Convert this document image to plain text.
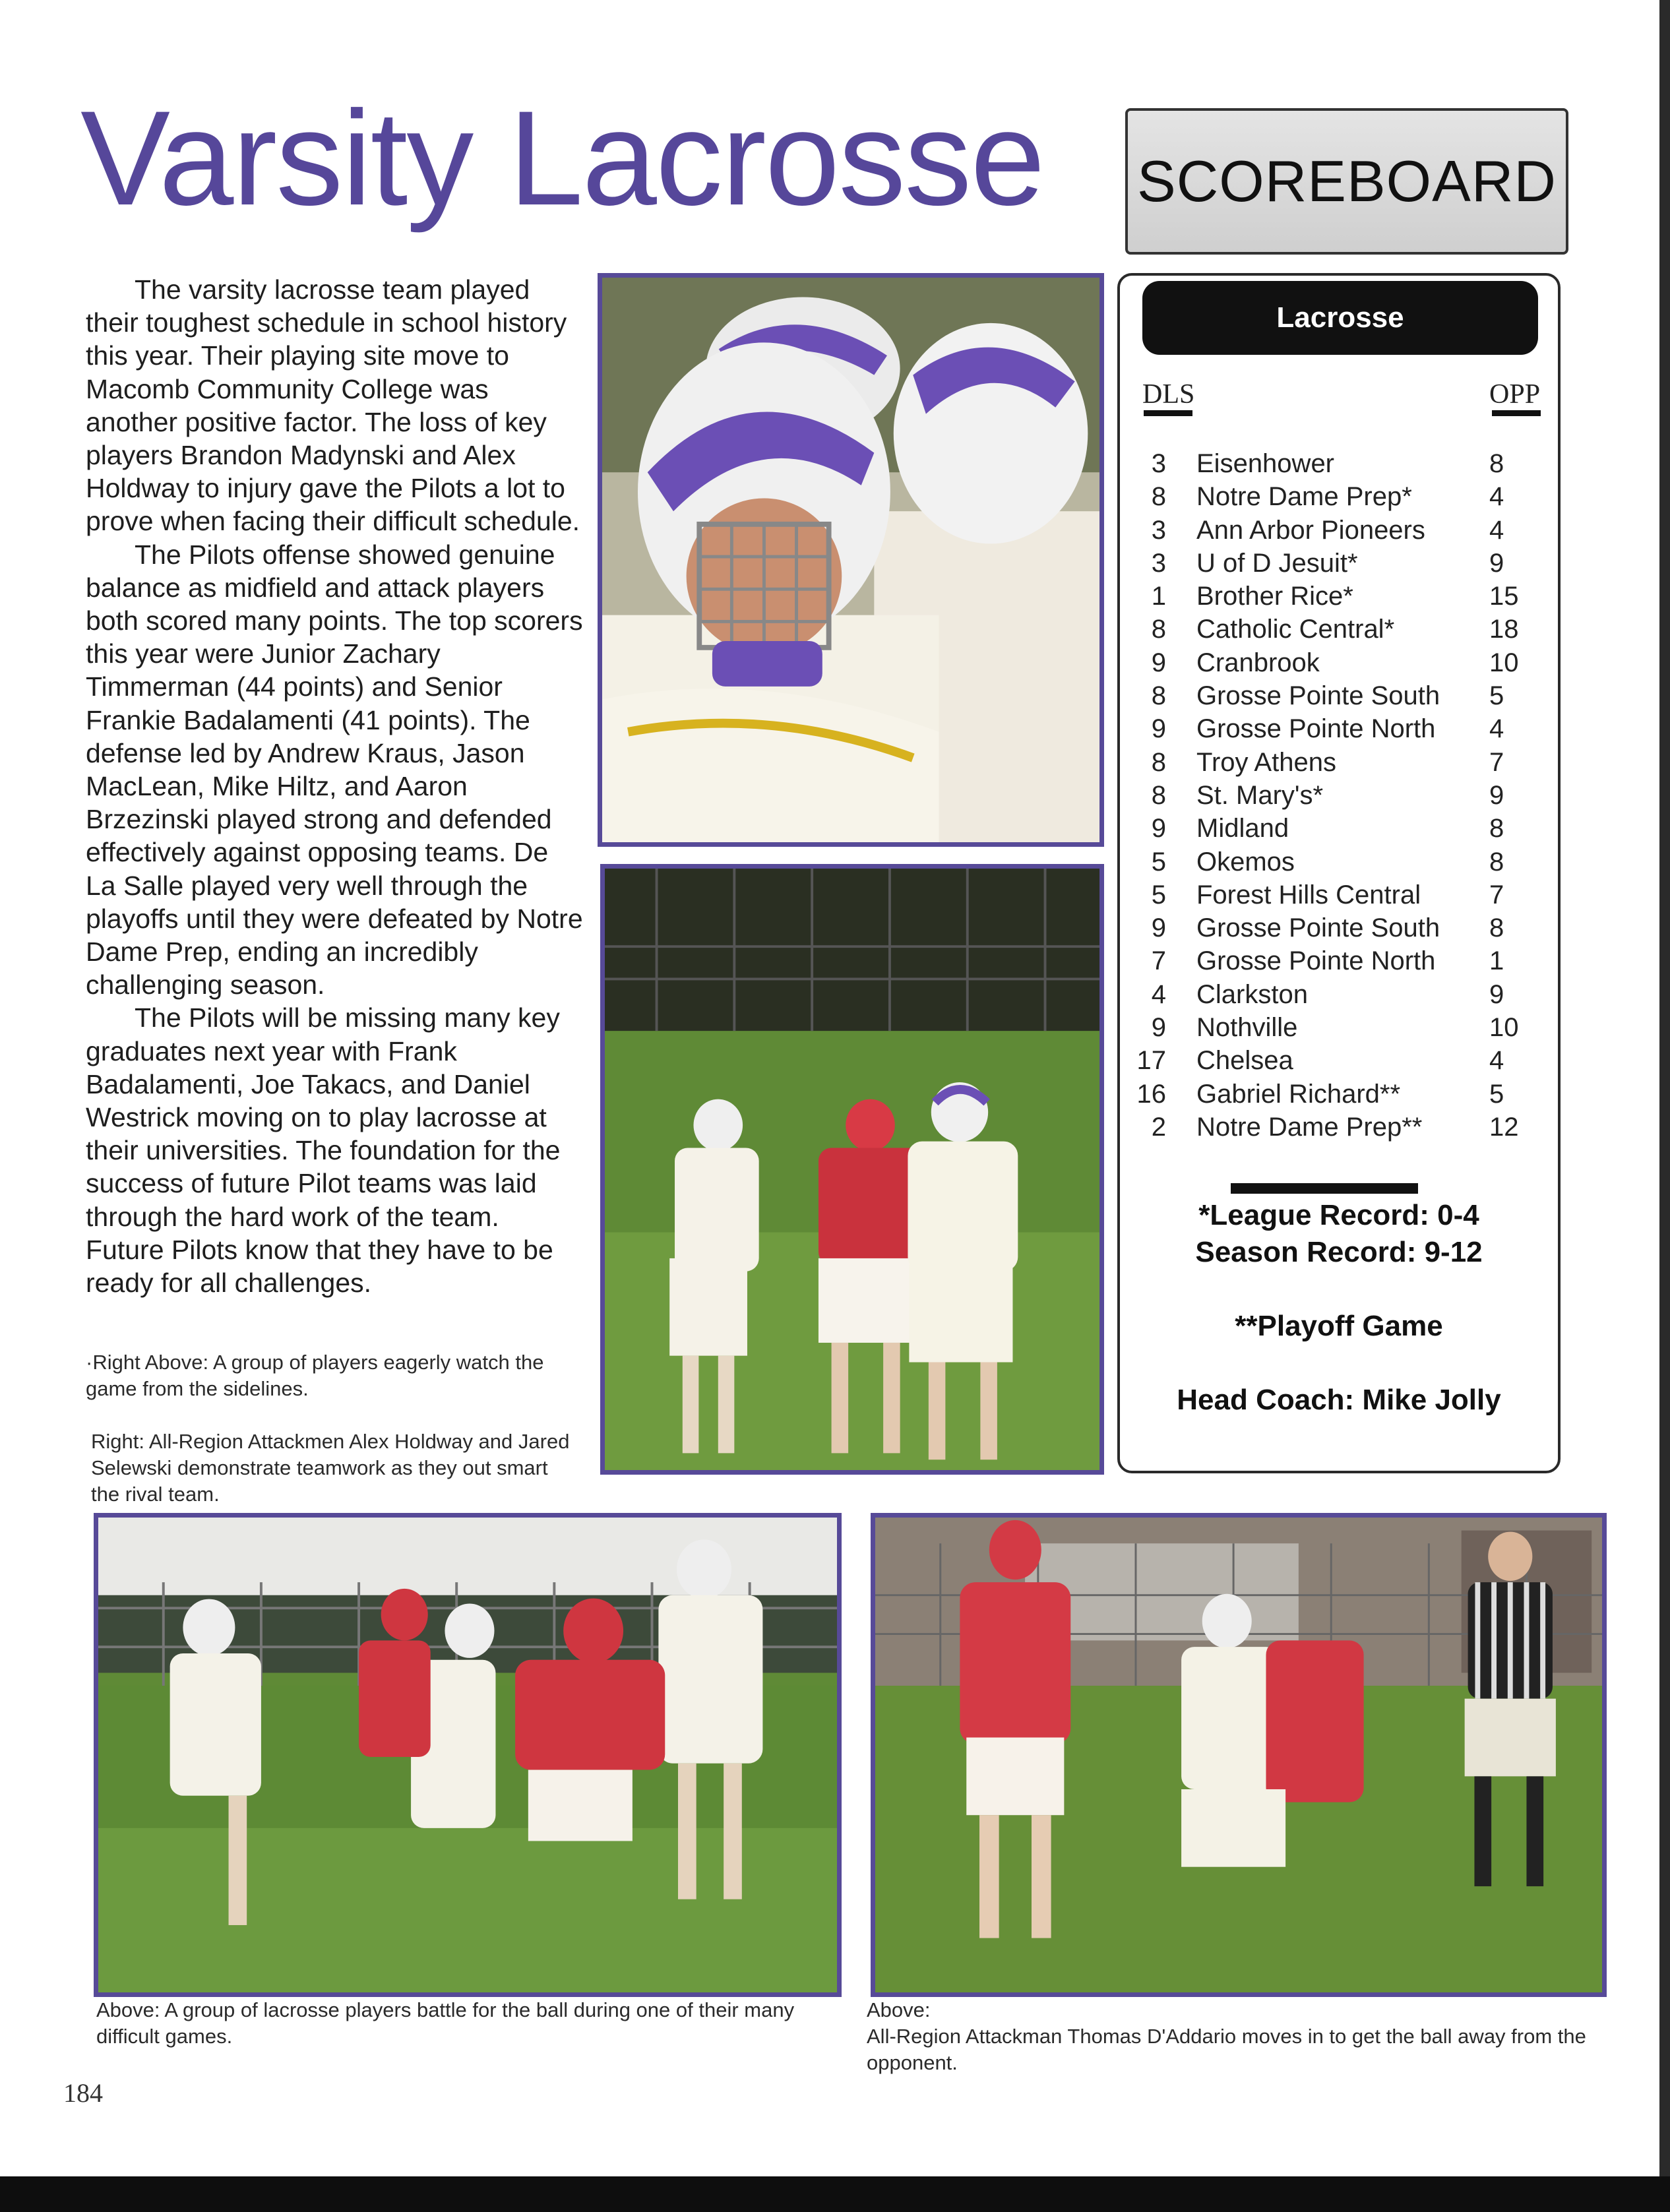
Varsity Lacrosse	SCOREBOARD

The varsity lacrosse team played their toughest schedule in school history this year. Their playing site move to Macomb Community College was another positive factor. The loss of key players Brandon Madynski and Alex Holdway to injury gave the Pilots a lot to prove when facing their difficult schedule.

The Pilots offense showed genuine balance as midfield and attack players both scored many points. The top scorers this year were Junior Zachary Timmerman (44 points) and Senior Frankie Badalamenti (41 points). The defense led by Andrew Kraus, Jason MacLean, Mike Hiltz, and Aaron Brzezinski played strong and defended effectively against opposing teams. De La Salle played very well through the playoffs until they were defeated by Notre Dame Prep, ending an incredibly challenging season.

The Pilots will be missing many key graduates next year with Frank Badalamenti, Joe Takacs, and Daniel Westrick moving on to play lacrosse at their universities. The foundation for the success of future Pilot teams was laid through the hard work of the team. Future Pilots know that they have to be ready for all challenges.

·Right Above: A group of players eagerly watch the game from the sidelines.
Right: All-Region Attackmen Alex Holdway and Jared Selewski demonstrate teamwork as they out smart the rival team.
Lacrosse
DLS	OPP
3 Eisenhower	8
8 Notre Dame Prep*	4
3 Ann Arbor Pioneers 4
3 U of D Jesuit*	9
1 Brother Rice*	15
8 Catholic Central*	18
9 Cranbrook	10
8 Grosse Pointe South 5
9 Grosse Pointe North 4
8 Troy Athens	7
8 St. Mary's*	9
9 Midland	8
5 Okemos	8
5 Forest Hills Central	7
9 Grosse Pointe South 8
7 Grosse Pointe North 1
4 Clarkston	9
9 Nothville	10
17 Chelsea	4
16 Gabriel Richard**	5
2 Notre Dame Prep**	12
*League Record: 0-4
Season Record: 9-12
**Playoff Game
Head Coach: Mike Jolly
Above: A group of lacrosse players battle for the ball during one of their many difficult games.
Above:
All-Region Attackman Thomas D'Addario moves in to get the ball away from the opponent.
184
